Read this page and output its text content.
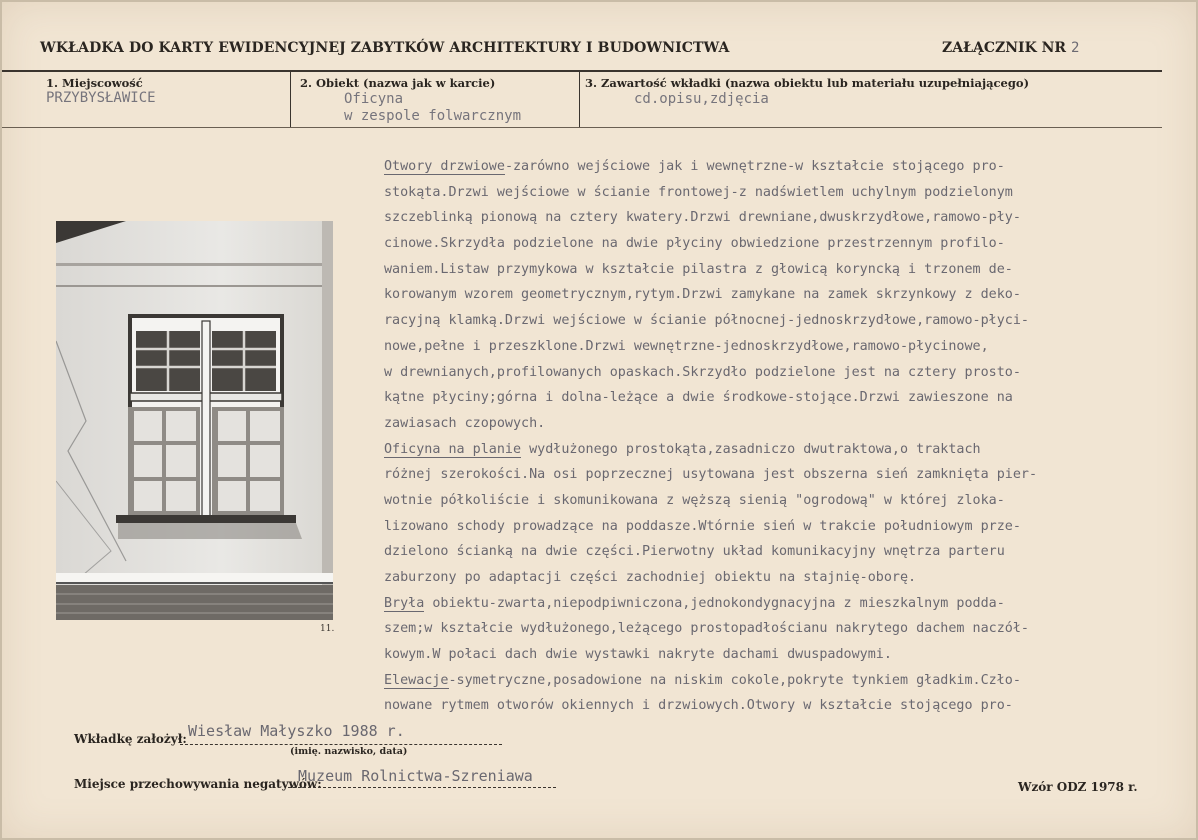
WKŁADKA DO KARTY EWIDENCYJNEJ ZABYTKÓW ARCHITEKTURY I BUDOWNICTWA	ZAŁĄCZNIK NR 2
1. Miejscowość
PRZYBYSŁAWICE
2. Obiekt (nazwa jak w karcie)
Oficyna
w zespole folwarcznym
3. Zawartość wkładki (nazwa obiektu lub materiału uzupełniającego)
cd.opisu,zdjęcia
11.
Otwory drzwiowe-zarówno wejściowe jak i wewnętrzne-w kształcie stojącego pro-
stokąta.Drzwi wejściowe w ścianie frontowej-z nadświetlem uchylnym podzielonym
szczeblinką pionową na cztery kwatery.Drzwi drewniane,dwuskrzydłowe,ramowo-pły-
cinowe.Skrzydła podzielone na dwie płyciny obwiedzione przestrzennym profilo-
waniem.Listaw przymykowa w kształcie pilastra z głowicą koryncką i trzonem de-
korowanym wzorem geometrycznym,rytym.Drzwi zamykane na zamek skrzynkowy z deko-
racyjną klamką.Drzwi wejściowe w ścianie północnej-jednoskrzydłowe,ramowo-płyci-
nowe,pełne i przeszklone.Drzwi wewnętrzne-jednoskrzydłowe,ramowo-płycinowe,
w drewnianych,profilowanych opaskach.Skrzydło podzielone jest na cztery prosto-
kątne płyciny;górna i dolna-leżące a dwie środkowe-stojące.Drzwi zawieszone na
zawiasach czopowych.
Oficyna na planie wydłużonego prostokąta,zasadniczo dwutraktowa,o traktach
różnej szerokości.Na osi poprzecznej usytowana jest obszerna sień zamknięta pier-
wotnie półkoliście i skomunikowana z węższą sienią "ogrodową" w której zloka-
lizowano schody prowadzące na poddasze.Wtórnie sień w trakcie południowym prze-
dzielono ścianką na dwie części.Pierwotny układ komunikacyjny wnętrza parteru
zaburzony po adaptacji części zachodniej obiektu na stajnię-oborę.
Bryła obiektu-zwarta,niepodpiwniczona,jednokondygnacyjna z mieszkalnym podda-
szem;w kształcie wydłużonego,leżącego prostopadłościanu nakrytego dachem naczół-
kowym.W połaci dach dwie wystawki nakryte dachami dwuspadowymi.
Elewacje-symetryczne,posadowione na niskim cokole,pokryte tynkiem gładkim.Czło-
nowane rytmem otworów okiennych i drzwiowych.Otwory w kształcie stojącego pro-
Wkładkę założył: Wiesław Małyszko 1988 r.
(imię. nazwisko, data)
Miejsce przechowywania negatywów:
Muzeum Rolnictwa-Szreniawa
Wzór ODZ 1978 r.
